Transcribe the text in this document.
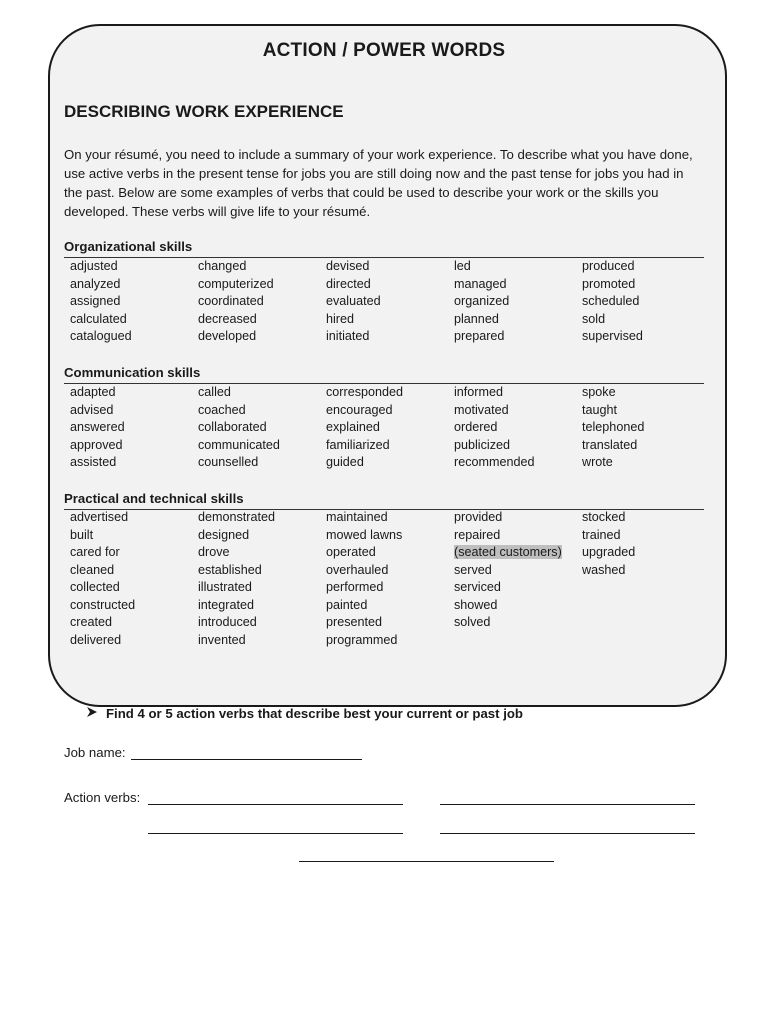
ACTION / POWER WORDS
DESCRIBING WORK EXPERIENCE
On your résumé, you need to include a summary of your work experience. To describe what you have done, use active verbs in the present tense for jobs you are still doing now and the past tense for jobs you had in the past. Below are some examples of verbs that could be used to describe your work or the skills you developed. These verbs will give life to your résumé.
Organizational skills
adjusted
analyzed
assigned
calculated
catalogued
changed
computerized
coordinated
decreased
developed
devised
directed
evaluated
hired
initiated
led
managed
organized
planned
prepared
produced
promoted
scheduled
sold
supervised
Communication skills
adapted
advised
answered
approved
assisted
called
coached
collaborated
communicated
counselled
corresponded
encouraged
explained
familiarized
guided
informed
motivated
ordered
publicized
recommended
spoke
taught
telephoned
translated
wrote
Practical and technical skills
advertised
built
cared for
cleaned
collected
constructed
created
delivered
demonstrated
designed
drove
established
illustrated
integrated
introduced
invented
maintained
mowed lawns
operated
overhauled
performed
painted
presented
programmed
provided
repaired
(seated customers)
served
serviced
showed
solved
stocked
trained
upgraded
washed
Find 4 or 5 action verbs that describe best your current or past job
Job name:
Action verbs:
